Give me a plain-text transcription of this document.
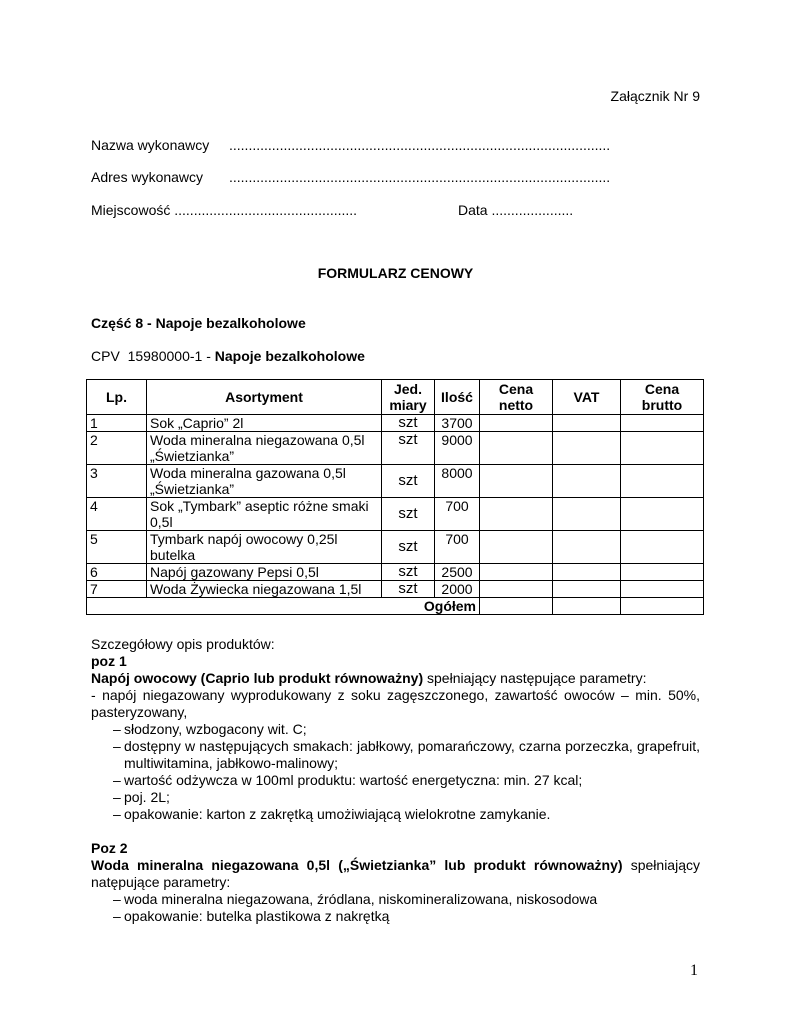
Załącznik Nr 9
Nazwa wykonawcy ..................................................................................................
Adres wykonawcy ..................................................................................................
Miejscowość ...............................................	Data .....................
FORMULARZ CENOWY
Część 8 - Napoje bezalkoholowe
CPV  15980000-1 - Napoje bezalkoholowe
Lp.	Asortyment	Jed. miary	Ilość	Cena netto	VAT	Cena brutto
1	Sok „Caprio” 2l	szt	3700			
2	Woda mineralna niegazowana 0,5l „Świetzianka”	szt	9000			
3	Woda mineralna gazowana 0,5l „Świetzianka”	szt	8000			
4	Sok „Tymbark” aseptic różne smaki 0,5l	szt	700			
5	Tymbark napój owocowy 0,25l butelka	szt	700			
6	Napój gazowany Pepsi 0,5l	szt	2500			
7	Woda Żywiecka niegazowana 1,5l	szt	2000			
Ogółem						

Szczegółowy opis produktów:

poz 1

Napój owocowy (Caprio lub produkt równoważny) spełniający następujące parametry:

- napój niegazowany wyprodukowany z soku zagęszczonego, zawartość owoców – min. 50%, pasteryzowany,

– słodzony, wzbogacony wit. C;
– dostępny w następujących smakach: jabłkowy, pomarańczowy, czarna porzeczka, grapefruit, multiwitamina, jabłkowo-malinowy;
– wartość odżywcza w 100ml produktu: wartość energetyczna: min. 27 kcal;
– poj. 2L;
– opakowanie: karton z zakrętką umożiwiającą wielokrotne zamykanie.

Poz 2

Woda mineralna niegazowana 0,5l („Świetzianka” lub produkt równoważny) spełniający natępujące parametry:

– woda mineralna niegazowana, źródlana, niskomineralizowana, niskosodowa
– opakowanie: butelka plastikowa z nakrętką
1
